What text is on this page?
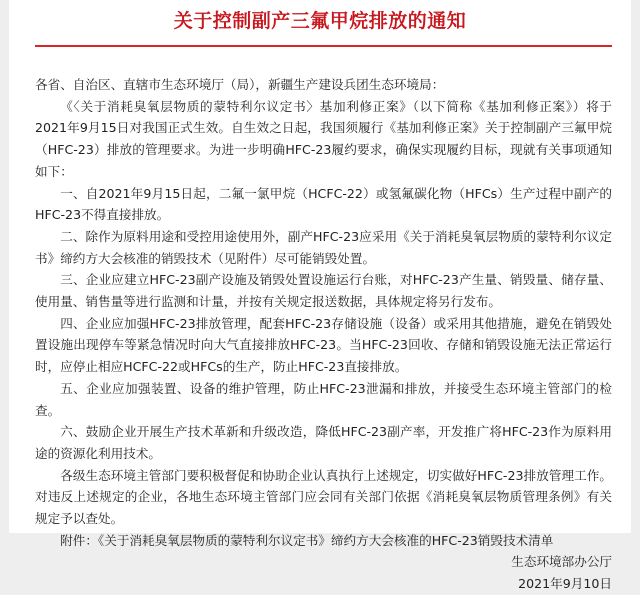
关于控制副产三氟甲烷排放的通知

各省、自治区、直辖市生态环境厅（局），新疆生产建设兵团生态环境局：

《〈关于消耗臭氧层物质的蒙特利尔议定书〉基加利修正案》（以下简称《基加利修正案》）将于2021年9月15日对我国正式生效。自生效之日起，我国须履行《基加利修正案》关于控制副产三氟甲烷（HFC-23）排放的管理要求。为进一步明确HFC-23履约要求，确保实现履约目标，现就有关事项通知如下：

一、自2021年9月15日起，二氟一氯甲烷（HCFC-22）或氢氟碳化物（HFCs）生产过程中副产的HFC-23不得直接排放。

二、除作为原料用途和受控用途使用外，副产HFC-23应采用《关于消耗臭氧层物质的蒙特利尔议定书》缔约方大会核准的销毁技术（见附件）尽可能销毁处置。

三、企业应建立HFC-23副产设施及销毁处置设施运行台账，对HFC-23产生量、销毁量、储存量、使用量、销售量等进行监测和计量，并按有关规定报送数据，具体规定将另行发布。

四、企业应加强HFC-23排放管理，配套HFC-23存储设施（设备）或采用其他措施，避免在销毁处置设施出现停车等紧急情况时向大气直接排放HFC-23。当HFC-23回收、存储和销毁设施无法正常运行时，应停止相应HCFC-22或HFCs的生产，防止HFC-23直接排放。

五、企业应加强装置、设备的维护管理，防止HFC-23泄漏和排放，并接受生态环境主管部门的检查。

六、鼓励企业开展生产技术革新和升级改造，降低HFC-23副产率，开发推广将HFC-23作为原料用途的资源化利用技术。

各级生态环境主管部门要积极督促和协助企业认真执行上述规定，切实做好HFC-23排放管理工作。对违反上述规定的企业，各地生态环境主管部门应会同有关部门依据《消耗臭氧层物质管理条例》有关规定予以查处。

附件：《关于消耗臭氧层物质的蒙特利尔议定书》缔约方大会核准的HFC-23销毁技术清单

生态环境部办公厅

2021年9月10日
